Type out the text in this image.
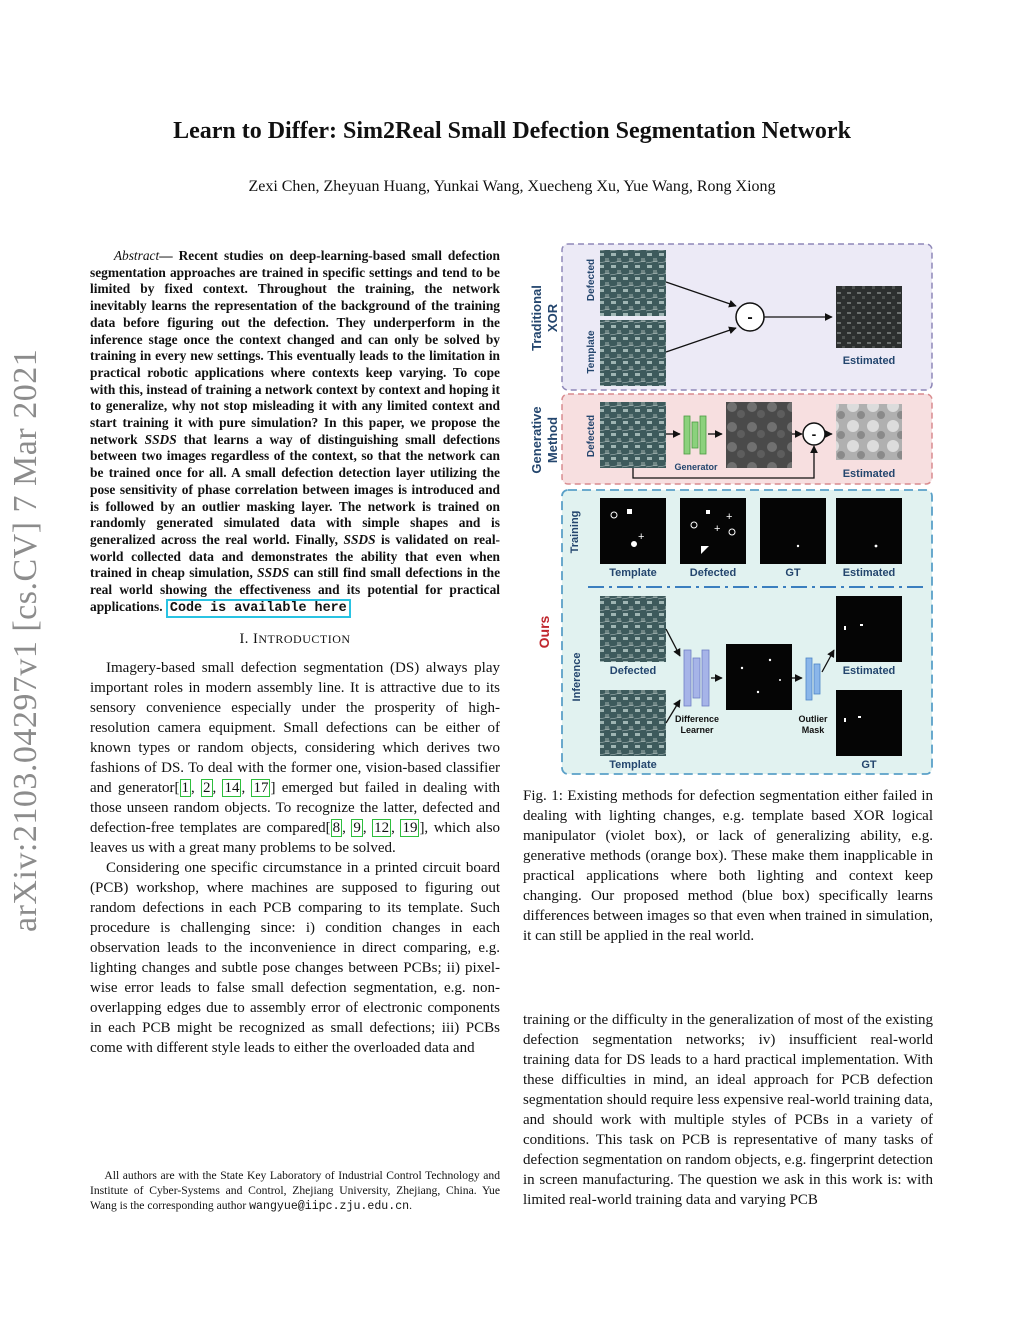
Learn to Differ: Sim2Real Small Defection Segmentation Network
Zexi Chen, Zheyuan Huang, Yunkai Wang, Xuecheng Xu, Yue Wang, Rong Xiong
arXiv:2103.04297v1 [cs.CV] 7 Mar 2021

Abstract— Recent studies on deep-learning-based small defection segmentation approaches are trained in specific settings and tend to be limited by fixed context. Throughout the training, the network inevitably learns the representation of the background of the training data before figuring out the defection. They underperform in the inference stage once the context changed and can only be solved by training in every new settings. This eventually leads to the limitation in practical robotic applications where contexts keep varying. To cope with this, instead of training a network context by context and hoping it to generalize, why not stop misleading it with any limited context and start training it with pure simulation? In this paper, we propose the network SSDS that learns a way of distinguishing small defections between two images regardless of the context, so that the network can be trained once for all. A small defection detection layer utilizing the pose sensitivity of phase correlation between images is introduced and is followed by an outlier masking layer. The network is trained on randomly generated simulated data with simple shapes and is generalized across the real world. Finally, SSDS is validated on real-world collected data and demonstrates the ability that even when trained in cheap simulation, SSDS can still find small defections in the real world showing the effectiveness and its potential for practical applications. Code is available here

I. INTRODUCTION

Imagery-based small defection segmentation (DS) always play important roles in modern assembly line. It is attractive due to its sensory convenience especially under the prosperity of high-resolution camera equipment. Small defections can be either of known types or random objects, considering which derives two fashions of DS. To deal with the former one, vision-based classifier and generator[ 1 , 2 , 14 , 17 ] emerged but failed in dealing with those unseen random objects. To recognize the latter, defected and defection-free templates are compared[ 8 , 9 , 12 , 19 ], which also leaves us with a great many problems to be solved.

Considering one specific circumstance in a printed circuit board (PCB) workshop, where machines are supposed to figuring out random defections in each PCB comparing to its template. Such procedure is challenging since: i) condition changes in each observation leads to the inconvenience in direct comparing, e.g. lighting changes and subtle pose changes between PCBs; ii) pixel-wise error leads to false small defection segmentation, e.g. non-overlapping edges due to assembly error of electronic components in each PCB might be recognized as small defections; iii) PCBs come with different style leads to either the overloaded data and

All authors are with the State Key Laboratory of Industrial Control Technology and Institute of Cyber-Systems and Control, Zhejiang University, Zhejiang, China. Yue Wang is the corresponding author wangyue@iipc.zju.edu.cn.
Traditional XOR
Defected
Template
-
Estimated
Generative Method	Defected
Generator
-
Estimated
Ours
Training
Inference
+
Template
+
+
Defected	GT	Estimated
Defected
Template
Difference
Learner
Outlier
Mask
Estimated
GT
Fig. 1: Existing methods for defection segmentation either failed in dealing with lighting changes, e.g. template based XOR logical manipulator (violet box), or lack of generalizing ability, e.g. generative methods (orange box). These make them inapplicable in practical applications where both lighting and context keep changing. Our proposed method (blue box) specifically learns differences between images so that even when trained in simulation, it can still be applied in the real world.

training or the difficulty in the generalization of most of the existing defection segmentation networks; iv) insufficient real-world training data for DS leads to a hard practical implementation. With these difficulties in mind, an ideal approach for PCB defection segmentation should require less expensive real-world training data, and should work with multiple styles of PCBs in a variety of conditions. This task on PCB is representative of many tasks of defection segmentation on random objects, e.g. fingerprint detection in screen manufacturing. The question we ask in this work is: with limited real-world training data and varying PCB
